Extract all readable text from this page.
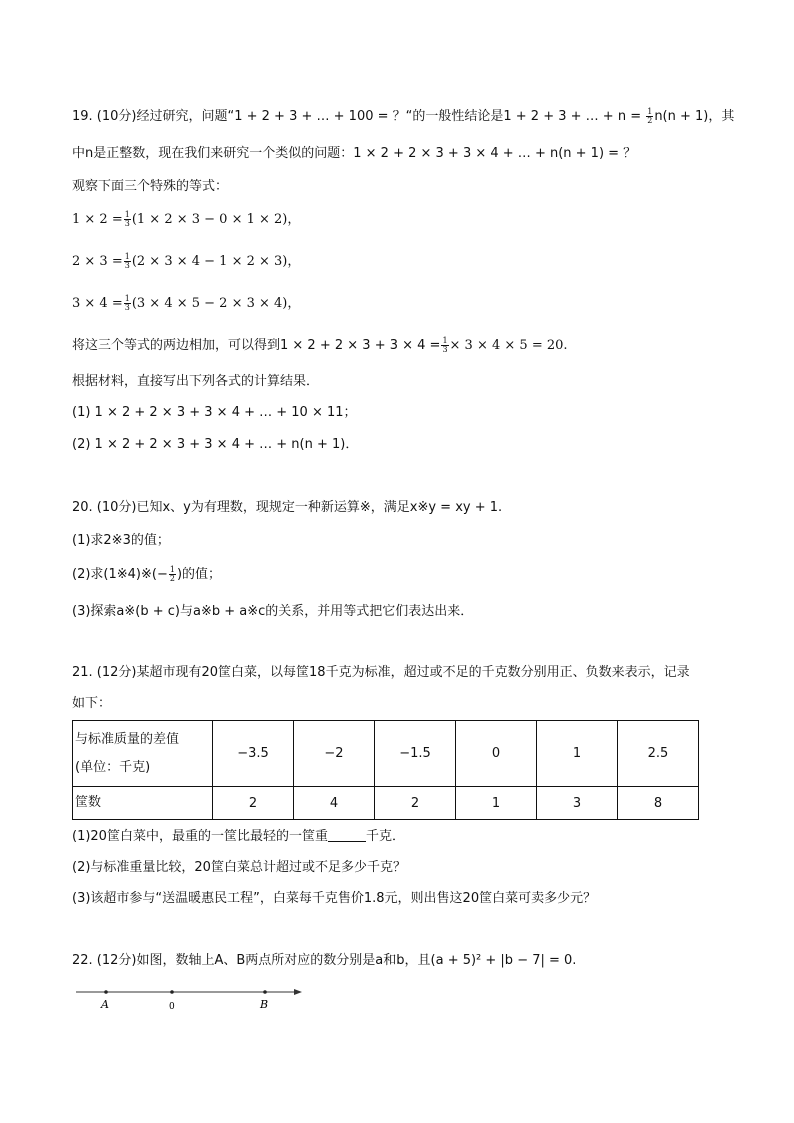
19. (10分)经过研究，问题“1 + 2 + 3 + … + 100 = ？“的一般性结论是1 + 2 + 3 + … + $n = \frac{1}{2} n(n + 1)$，其
中n是正整数，现在我们来研究一个类似的问题：1 × 2 + 2 × 3 + 3 × 4 + … + n(n + 1) = ？
观察下面三个特殊的等式：
$1 \times 2 = \frac{1}{3} (1 \times 2 \times 3 - 0 \times 1 \times 2)$，
$2 \times 3 = \frac{1}{3} (2 \times 3 \times 4 - 1 \times 2 \times 3)$，
$3 \times 4 = \frac{1}{3} (3 \times 4 \times 5 - 2 \times 3 \times 4)$，
将这三个等式的两边相加，可以得到$1 \times 2 + 2 \times 3 + 3 \times 4 = \frac{1}{3} \times 3 \times 4 \times 5 = 20$.
根据材料，直接写出下列各式的计算结果．
(1) 1 × 2 + 2 × 3 + 3 × 4 + … + 10 × 11；
(2) 1 × 2 + 2 × 3 + 3 × 4 + … + n(n + 1)．
20. (10分)已知x、y为有理数，现规定一种新运算※，满足x※y = xy + 1.
(1)求2※3的值；
(2)求(1※4)※(− $\frac{1}{2}$ )的值；
(3)探索a※(b + c)与a※b + a※c的关系，并用等式把它们表达出来．
21. (12分)某超市现有20筐白菜，以每筐18千克为标准，超过或不足的千克数分别用正、负数来表示，记录
如下：
与标准质量的差值
(单位：千克)	−3.5	−2	−1.5	0	1	2.5
筐数	2	4	2	1	3	8
(1)20筐白菜中，最重的一筐比最轻的一筐重	千克．
(2)与标准重量比较，20筐白菜总计超过或不足多少千克？
(3)该超市参与“送温暖惠民工程”，白菜每千克售价1.8元，则出售这20筐白菜可卖多少元？
22. (12分)如图，数轴上A、B两点所对应的数分别是a和b，且(a + 5)² + |b − 7| = 0.
A	0	B
